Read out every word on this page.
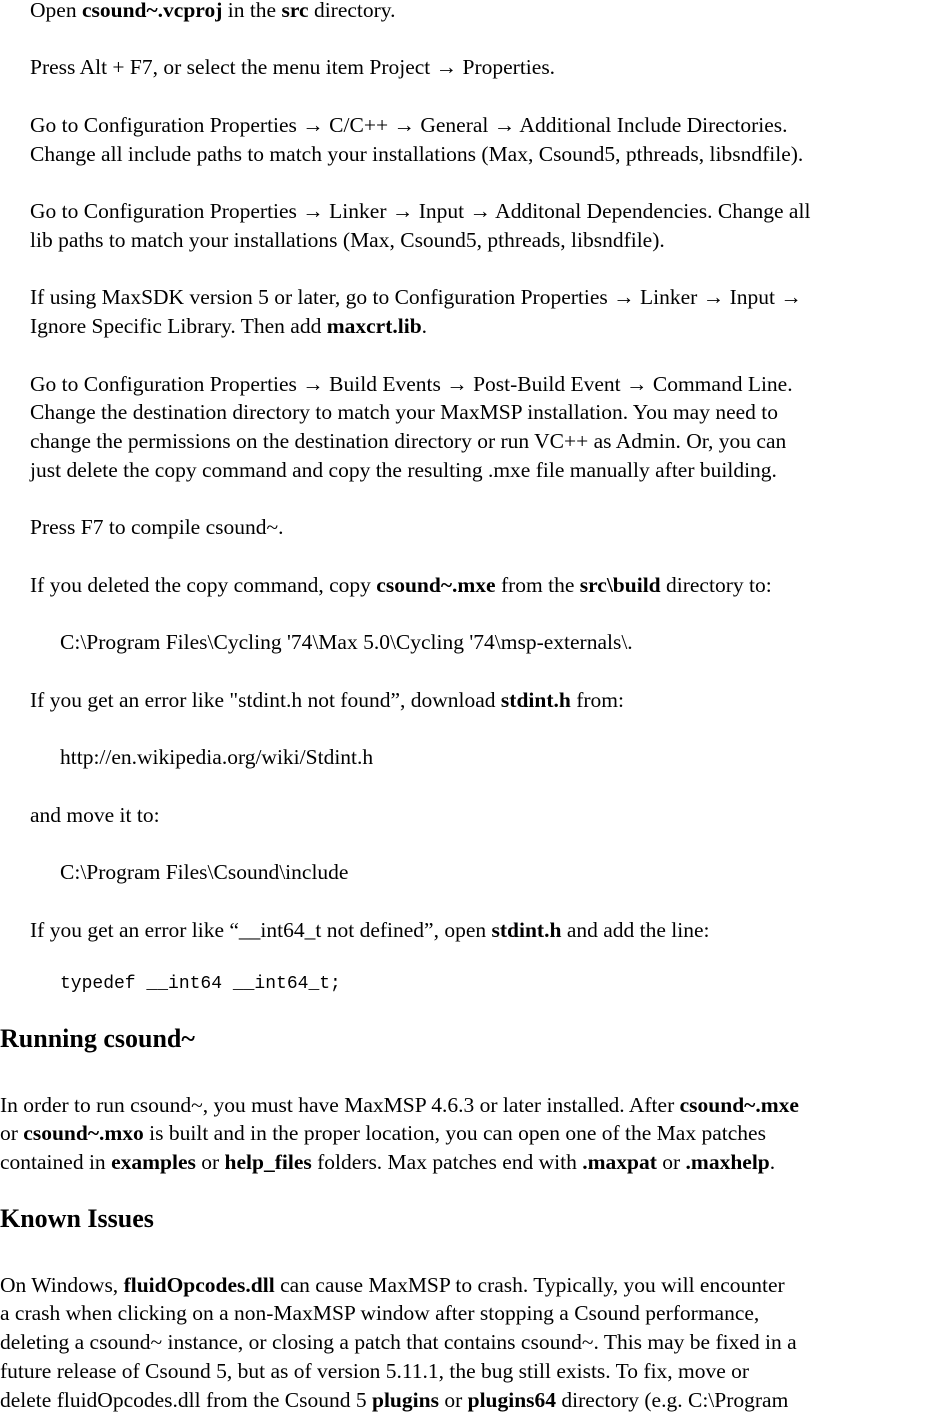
Open csound~.vcproj in the src directory.
Press Alt + F7, or select the menu item Project → Properties.
Go to Configuration Properties → C/C++ → General → Additional Include Directories.
Change all include paths to match your installations (Max, Csound5, pthreads, libsndfile).
Go to Configuration Properties → Linker → Input → Additonal Dependencies. Change all
lib paths to match your installations (Max, Csound5, pthreads, libsndfile).
If using MaxSDK version 5 or later, go to Configuration Properties → Linker → Input →
Ignore Specific Library. Then add maxcrt.lib.
Go to Configuration Properties → Build Events → Post-Build Event → Command Line.
Change the destination directory to match your MaxMSP installation. You may need to
change the permissions on the destination directory or run VC++ as Admin. Or, you can
just delete the copy command and copy the resulting .mxe file manually after building.
Press F7 to compile csound~.
If you deleted the copy command, copy csound~.mxe from the src\build directory to:
C:\Program Files\Cycling '74\Max 5.0\Cycling '74\msp-externals\.
If you get an error like "stdint.h not found”, download stdint.h from:
http://en.wikipedia.org/wiki/Stdint.h
and move it to:
C:\Program Files\Csound\include
If you get an error like “__int64_t not defined”, open stdint.h and add the line:
typedef __int64 __int64_t;
Running csound~
In order to run csound~, you must have MaxMSP 4.6.3 or later installed. After csound~.mxe
or csound~.mxo is built and in the proper location, you can open one of the Max patches
contained in examples or help_files folders. Max patches end with .maxpat or .maxhelp.
Known Issues
On Windows, fluidOpcodes.dll can cause MaxMSP to crash. Typically, you will encounter
a crash when clicking on a non-MaxMSP window after stopping a Csound performance,
deleting a csound~ instance, or closing a patch that contains csound~. This may be fixed in a
future release of Csound 5, but as of version 5.11.1, the bug still exists. To fix, move or
delete fluidOpcodes.dll from the Csound 5 plugins or plugins64 directory (e.g. C:\Program
